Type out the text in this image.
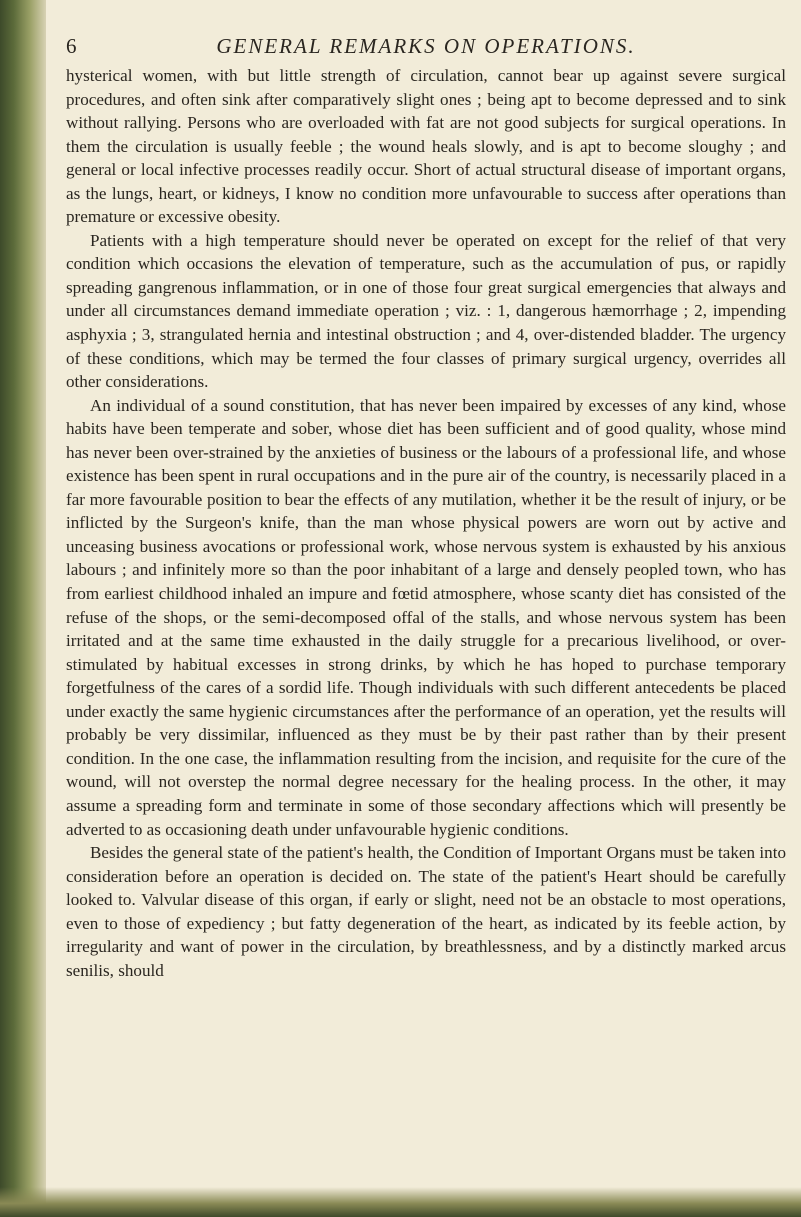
6	GENERAL REMARKS ON OPERATIONS.

hysterical women, with but little strength of circulation, cannot bear up against severe surgical procedures, and often sink after comparatively slight ones ; being apt to become depressed and to sink without rallying. Persons who are overloaded with fat are not good subjects for surgical operations. In them the circulation is usually feeble ; the wound heals slowly, and is apt to become sloughy ; and general or local infective processes readily occur. Short of actual structural disease of important organs, as the lungs, heart, or kidneys, I know no condition more unfavourable to success after operations than premature or excessive obesity.

Patients with a high temperature should never be operated on except for the relief of that very condition which occasions the elevation of temperature, such as the accumulation of pus, or rapidly spreading gangrenous inflammation, or in one of those four great surgical emergencies that always and under all circumstances demand immediate operation ; viz. : 1, dangerous hæmorrhage ; 2, impending asphyxia ; 3, strangulated hernia and intestinal obstruction ; and 4, over-distended bladder. The urgency of these conditions, which may be termed the four classes of primary surgical urgency, overrides all other considerations.

An individual of a sound constitution, that has never been impaired by excesses of any kind, whose habits have been temperate and sober, whose diet has been sufficient and of good quality, whose mind has never been over-strained by the anxieties of business or the labours of a professional life, and whose existence has been spent in rural occupations and in the pure air of the country, is necessarily placed in a far more favourable position to bear the effects of any mutilation, whether it be the result of injury, or be inflicted by the Surgeon's knife, than the man whose physical powers are worn out by active and unceasing business avocations or professional work, whose nervous system is exhausted by his anxious labours ; and infinitely more so than the poor inhabitant of a large and densely peopled town, who has from earliest childhood inhaled an impure and fœtid atmosphere, whose scanty diet has consisted of the refuse of the shops, or the semi-decomposed offal of the stalls, and whose nervous system has been irritated and at the same time exhausted in the daily struggle for a precarious livelihood, or over-stimulated by habitual excesses in strong drinks, by which he has hoped to purchase temporary forgetfulness of the cares of a sordid life. Though individuals with such different antecedents be placed under exactly the same hygienic circumstances after the performance of an operation, yet the results will probably be very dissimilar, influenced as they must be by their past rather than by their present condition. In the one case, the inflammation resulting from the incision, and requisite for the cure of the wound, will not overstep the normal degree necessary for the healing process. In the other, it may assume a spreading form and terminate in some of those secondary affections which will presently be adverted to as occasioning death under unfavourable hygienic conditions.

Besides the general state of the patient's health, the Condition of Important Organs must be taken into consideration before an operation is decided on. The state of the patient's Heart should be carefully looked to. Valvular disease of this organ, if early or slight, need not be an obstacle to most operations, even to those of expediency ; but fatty degeneration of the heart, as indicated by its feeble action, by irregularity and want of power in the circulation, by breathlessness, and by a distinctly marked arcus senilis, should
